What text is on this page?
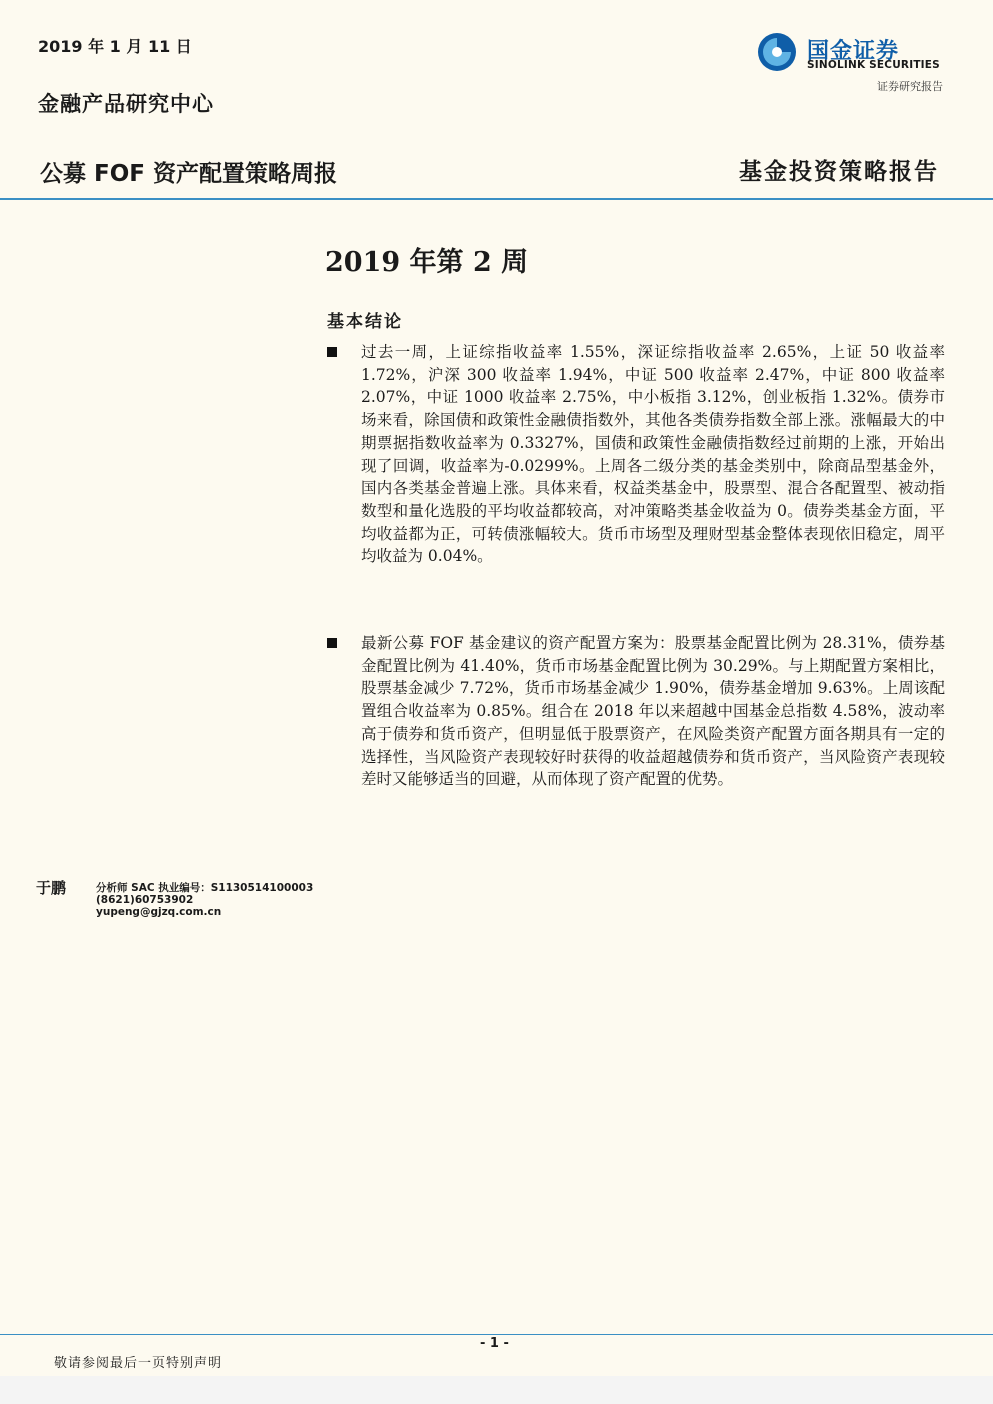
2019 年 1 月 11 日
金融产品研究中心
国金证券
SINOLINK SECURITIES
证券研究报告
公募 FOF 资产配置策略周报	基金投资策略报告
2019 年第 2 周
基本结论
过去一周，上证综指收益率 1.55%，深证综指收益率 2.65%，上证 50 收益率 1.72%，沪深 300 收益率 1.94%，中证 500 收益率 2.47%，中证 800 收益率 2.07%，中证 1000 收益率 2.75%，中小板指 3.12%，创业板指 1.32%。债券市场来看，除国债和政策性金融债指数外，其他各类债券指数全部上涨。涨幅最大的中期票据指数收益率为 0.3327%，国债和政策性金融债指数经过前期的上涨，开始出现了回调，收益率为-0.0299%。上周各二级分类的基金类别中，除商品型基金外，国内各类基金普遍上涨。具体来看，权益类基金中，股票型、混合各配置型、被动指数型和量化选股的平均收益都较高，对冲策略类基金收益为 0。债券类基金方面，平均收益都为正，可转债涨幅较大。货币市场型及理财型基金整体表现依旧稳定，周平均收益为 0.04%。
最新公募 FOF 基金建议的资产配置方案为：股票基金配置比例为 28.31%，债券基金配置比例为 41.40%，货币市场基金配置比例为 30.29%。与上期配置方案相比，股票基金减少 7.72%，货币市场基金减少 1.90%，债券基金增加 9.63%。上周该配置组合收益率为 0.85%。组合在 2018 年以来超越中国基金总指数 4.58%，波动率高于债券和货币资产，但明显低于股票资产，在风险类资产配置方面各期具有一定的选择性，当风险资产表现较好时获得的收益超越债券和货币资产，当风险资产表现较差时又能够适当的回避，从而体现了资产配置的优势。
于鹏	分析师 SAC 执业编号：S1130514100003
(8621)60753902
yupeng@gjzq.com.cn
- 1 -
敬请参阅最后一页特别声明
